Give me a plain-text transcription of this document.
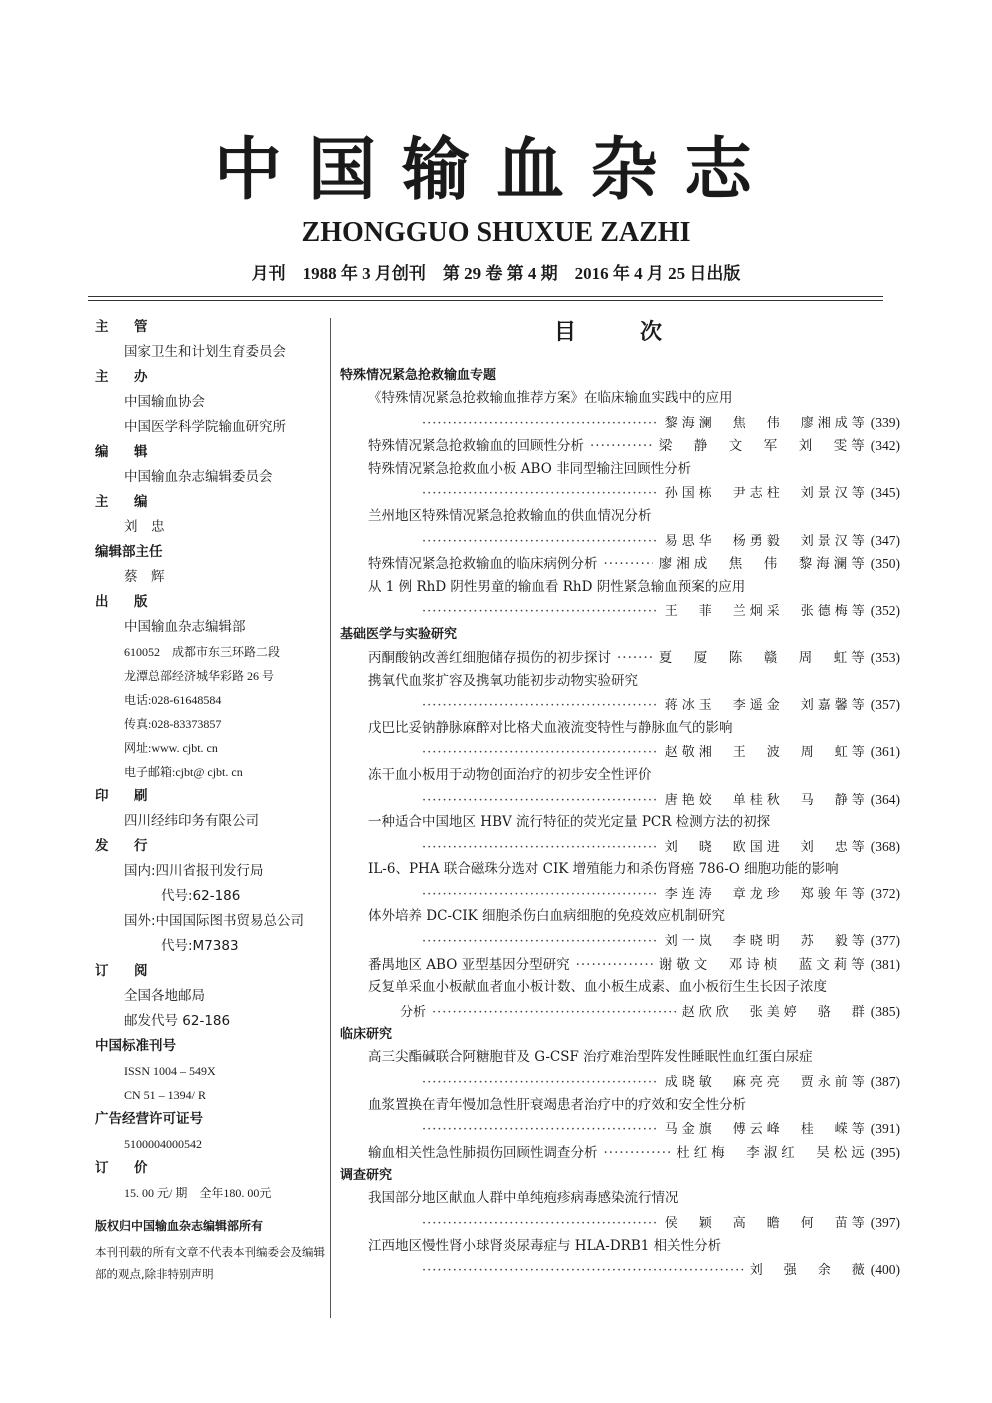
中国输血杂志
ZHONGGUO SHUXUE ZAZHI
月刊　1988 年 3 月创刊　第 29 卷 第 4 期　2016 年 4 月 25 日出版
主　管
国家卫生和计划生育委员会
主　办
中国输血协会
中国医学科学院输血研究所
编　辑
中国输血杂志编辑委员会
主　编
刘　忠
编辑部主任
蔡　辉
出　版
中国输血杂志编辑部
610052　成都市东三环路二段
龙潭总部经济城华彩路 26 号
电话:028-61648584
传真:028-83373857
网址:www. cjbt. cn
电子邮箱:cjbt@ cjbt. cn
印　刷
四川经纬印务有限公司
发　行
国内:四川省报刊发行局
代号:62-186
国外:中国国际图书贸易总公司
代号:M7383
订　阅
全国各地邮局
邮发代号 62-186
中国标准刊号
ISSN 1004 – 549X
CN 51 – 1394/ R
广告经营许可证号
5100004000542
订　价
15. 00 元/ 期　全年180. 00元
版权归中国输血杂志编辑部所有
本刊刊载的所有文章不代表本刊编委会及编辑部的观点,除非特别声明
目次
特殊情况紧急抢救输血专题
《特殊情况紧急抢救输血推荐方案》在临床输血实践中的应用
·····
黎海澜　焦　伟　廖湘成等 (339)
特殊情况紧急抢救输血的回顾性分析 ·····	梁　静　文　军　刘　雯等 (342)
特殊情况紧急抢救血小板 ABO 非同型输注回顾性分析
·····
孙国栋　尹志柱　刘景汉等 (345)
兰州地区特殊情况紧急抢救输血的供血情况分析
·····
易思华　杨勇毅　刘景汉等 (347)
特殊情况紧急抢救输血的临床病例分析 ·····	廖湘成　焦　伟　黎海澜等 (350)
从 1 例 RhD 阴性男童的输血看 RhD 阴性紧急输血预案的应用
·····
王　菲　兰炯采　张德梅等 (352)
基础医学与实验研究
丙酮酸钠改善红细胞储存损伤的初步探讨 ·····	夏　厦　陈　赣　周　虹等 (353)
携氧代血浆扩容及携氧功能初步动物实验研究
·····
蒋冰玉　李遥金　刘嘉馨等 (357)
戊巴比妥钠静脉麻醉对比格犬血液流变特性与静脉血气的影响
·····
赵敬湘　王　波　周　虹等 (361)
冻干血小板用于动物创面治疗的初步安全性评价
·····
唐艳姣　单桂秋　马　静等 (364)
一种适合中国地区 HBV 流行特征的荧光定量 PCR 检测方法的初探
·····
刘　晓　欧国进　刘　忠等 (368)
IL-6、PHA 联合磁珠分选对 CIK 增殖能力和杀伤肾癌 786-O 细胞功能的影响
·····
李连涛　章龙珍　郑骏年等 (372)
体外培养 DC-CIK 细胞杀伤白血病细胞的免疫效应机制研究
·····
刘一岚　李晓明　苏　毅等 (377)
番禺地区 ABO 亚型基因分型研究 ·····	谢敬文　邓诗桢　蓝文莉等 (381)
反复单采血小板献血者血小板计数、血小板生成素、血小板衍生生长因子浓度
分析 ·····	赵欣欣　张美婷　骆　群 (385)
临床研究
高三尖酯碱联合阿糖胞苷及 G-CSF 治疗难治型阵发性睡眠性血红蛋白尿症
·····
成晓敏　麻亮亮　贾永前等 (387)
血浆置换在青年慢加急性肝衰竭患者治疗中的疗效和安全性分析
·····
马金旗　傅云峰　桂　嵘等 (391)
输血相关性急性肺损伤回顾性调查分析 ·····	杜红梅　李淑红　吴松远 (395)
调查研究
我国部分地区献血人群中单纯疱疹病毒感染流行情况
·····
侯　颖　高　瞻　何　苗等 (397)
江西地区慢性肾小球肾炎尿毒症与 HLA-DRB1 相关性分析
·····
刘　强　余　薇 (400)
